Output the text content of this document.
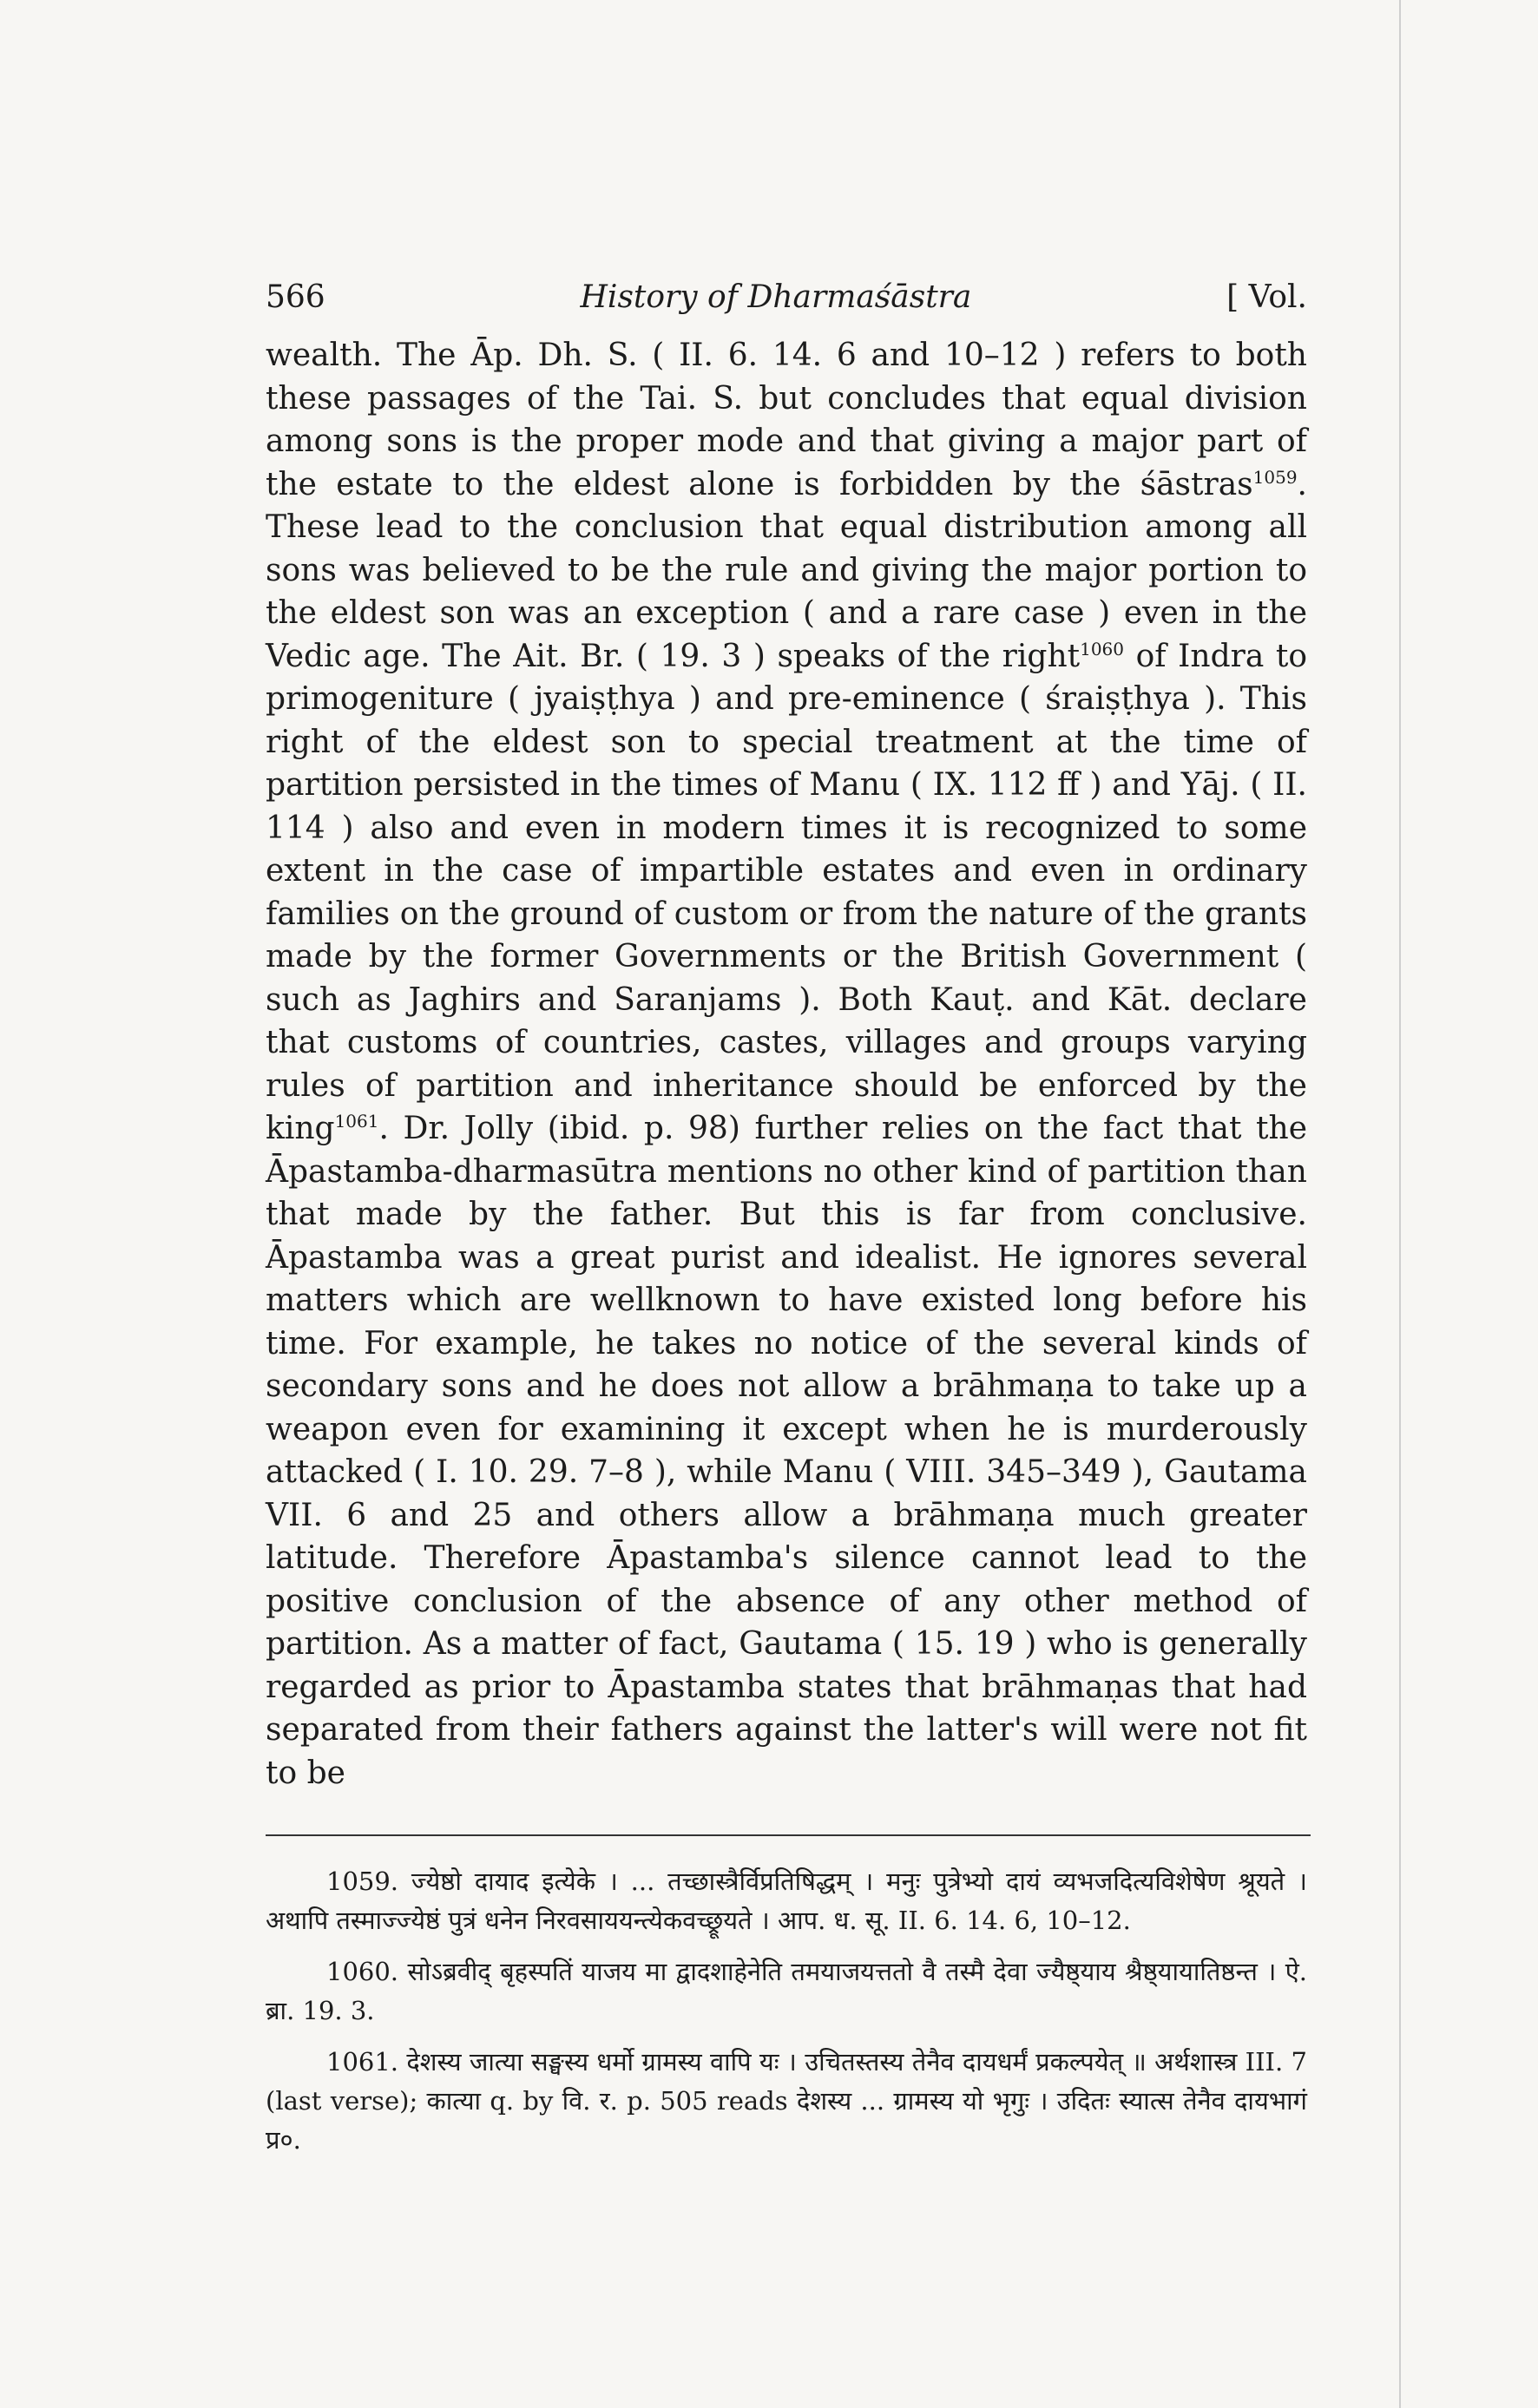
566	History of Dharmaśāstra	[ Vol.

wealth. The Āp. Dh. S. ( II. 6. 14. 6 and 10–12 ) refers to both these passages of the Tai. S. but concludes that equal division among sons is the proper mode and that giving a major part of the estate to the eldest alone is forbidden by the śāstras$^{1059}$. These lead to the conclusion that equal distribution among all sons was believed to be the rule and giving the major portion to the eldest son was an exception ( and a rare case ) even in the Vedic age. The Ait. Br. ( 19. 3 ) speaks of the right$^{1060}$ of Indra to primogeniture ( jyaiṣṭhya ) and pre-eminence ( śraiṣṭhya ). This right of the eldest son to special treatment at the time of partition persisted in the times of Manu ( IX. 112 ff ) and Yāj. ( II. 114 ) also and even in modern times it is recognized to some extent in the case of impartible estates and even in ordinary families on the ground of custom or from the nature of the grants made by the former Governments or the British Government ( such as Jaghirs and Saranjams ). Both Kauṭ. and Kāt. declare that customs of countries, castes, villages and groups varying rules of partition and inheritance should be enforced by the king$^{1061}$. Dr. Jolly (ibid. p. 98) further relies on the fact that the Āpastamba-dharmasūtra mentions no other kind of partition than that made by the father. But this is far from conclusive. Āpastamba was a great purist and idealist. He ignores several matters which are wellknown to have existed long before his time. For example, he takes no notice of the several kinds of secondary sons and he does not allow a brāhmaṇa to take up a weapon even for examining it except when he is murderously attacked ( I. 10. 29. 7–8 ), while Manu ( VIII. 345–349 ), Gautama VII. 6 and 25 and others allow a brāhmaṇa much greater latitude. Therefore Āpastamba's silence cannot lead to the positive conclusion of the absence of any other method of partition. As a matter of fact, Gautama ( 15. 19 ) who is generally regarded as prior to Āpastamba states that brāhmaṇas that had separated from their fathers against the latter's will were not fit to be

1059. ज्येष्ठो दायाद इत्येके । ... तच्छास्त्रैर्विप्रतिषिद्धम् । मनुः पुत्रेभ्यो दायं व्यभजदित्यविशेषेण श्रूयते । अथापि तस्माज्ज्येष्ठं पुत्रं धनेन निरवसाययन्त्येकवच्छ्रूयते । आप. ध. सू. II. 6. 14. 6, 10–12.

1060. सोऽब्रवीद् बृहस्पतिं याजय मा द्वादशाहेनेति तमयाजयत्ततो वै तस्मै देवा ज्यैष्ठ्याय श्रैष्ठ्यायातिष्ठन्त । ऐ. ब्रा. 19. 3.

1061. देशस्य जात्या सङ्घस्य धर्मो ग्रामस्य वापि यः । उचितस्तस्य तेनैव दायधर्मं प्रकल्पयेत् ॥ अर्थशास्त्र III. 7 (last verse); कात्या q. by वि. र. p. 505 reads देशस्य ... ग्रामस्य यो भृगुः । उदितः स्यात्स तेनैव दायभागं प्र०.
